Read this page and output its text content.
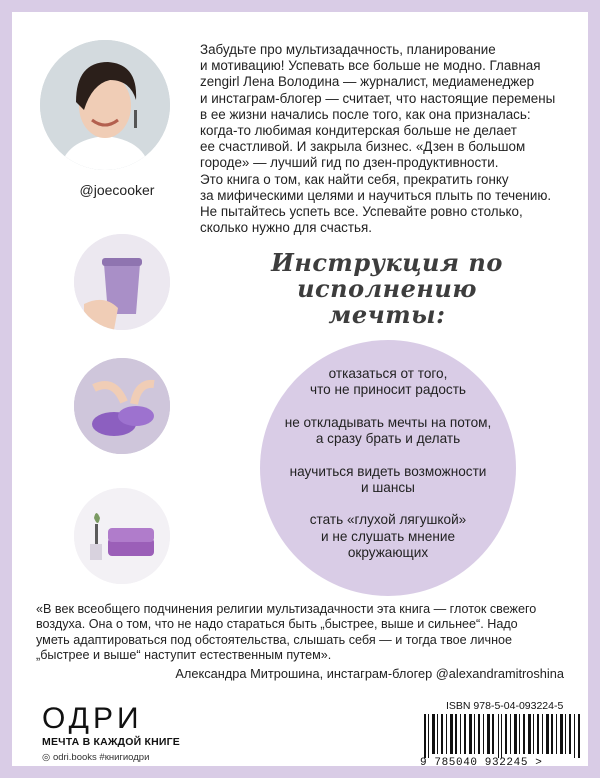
@joecooker

Забудьте про мультизадачность, планирование

и мотивацию! Успевать все больше не модно. Главная

zengirl Лена Володина — журналист, медиаменеджер

и инстаграм-блогер — считает, что настоящие перемены

в ее жизни начались после того, как она призналась:

когда-то любимая кондитерская больше не делает

ее счастливой. И закрыла бизнес. «Дзен в большом

городе» — лучший гид по дзен-продуктивности.

Это книга о том, как найти себя, прекратить гонку

за мифическими целями и научиться плыть по течению.

Не пытайтесь успеть все. Успевайте ровно столько,

сколько нужно для счастья.

Инструкция по исполнению
мечты:
отказаться от того,
что не приносит радость
не откладывать мечты на потом,
а сразу брать и делать
научиться видеть возможности
и шансы
стать «глухой лягушкой»
и не слушать мнение
окружающих
«В век всеобщего подчинения религии мультизадачности эта книга — глоток свежего
воздуха. Она о том, что не надо стараться быть „быстрее, выше и сильнее“. Надо
уметь адаптироваться под обстоятельства, слышать себя — и тогда твое личное
„быстрее и выше“ наступит естественным путем».
Александра Митрошина, инстаграм-блогер @alexandramitroshina
ОДРИ
МЕЧТА В КАЖДОЙ КНИГЕ
◎ odri.books #книгиодри
ISBN 978-5-04-093224-5
9 785040 932245 >
